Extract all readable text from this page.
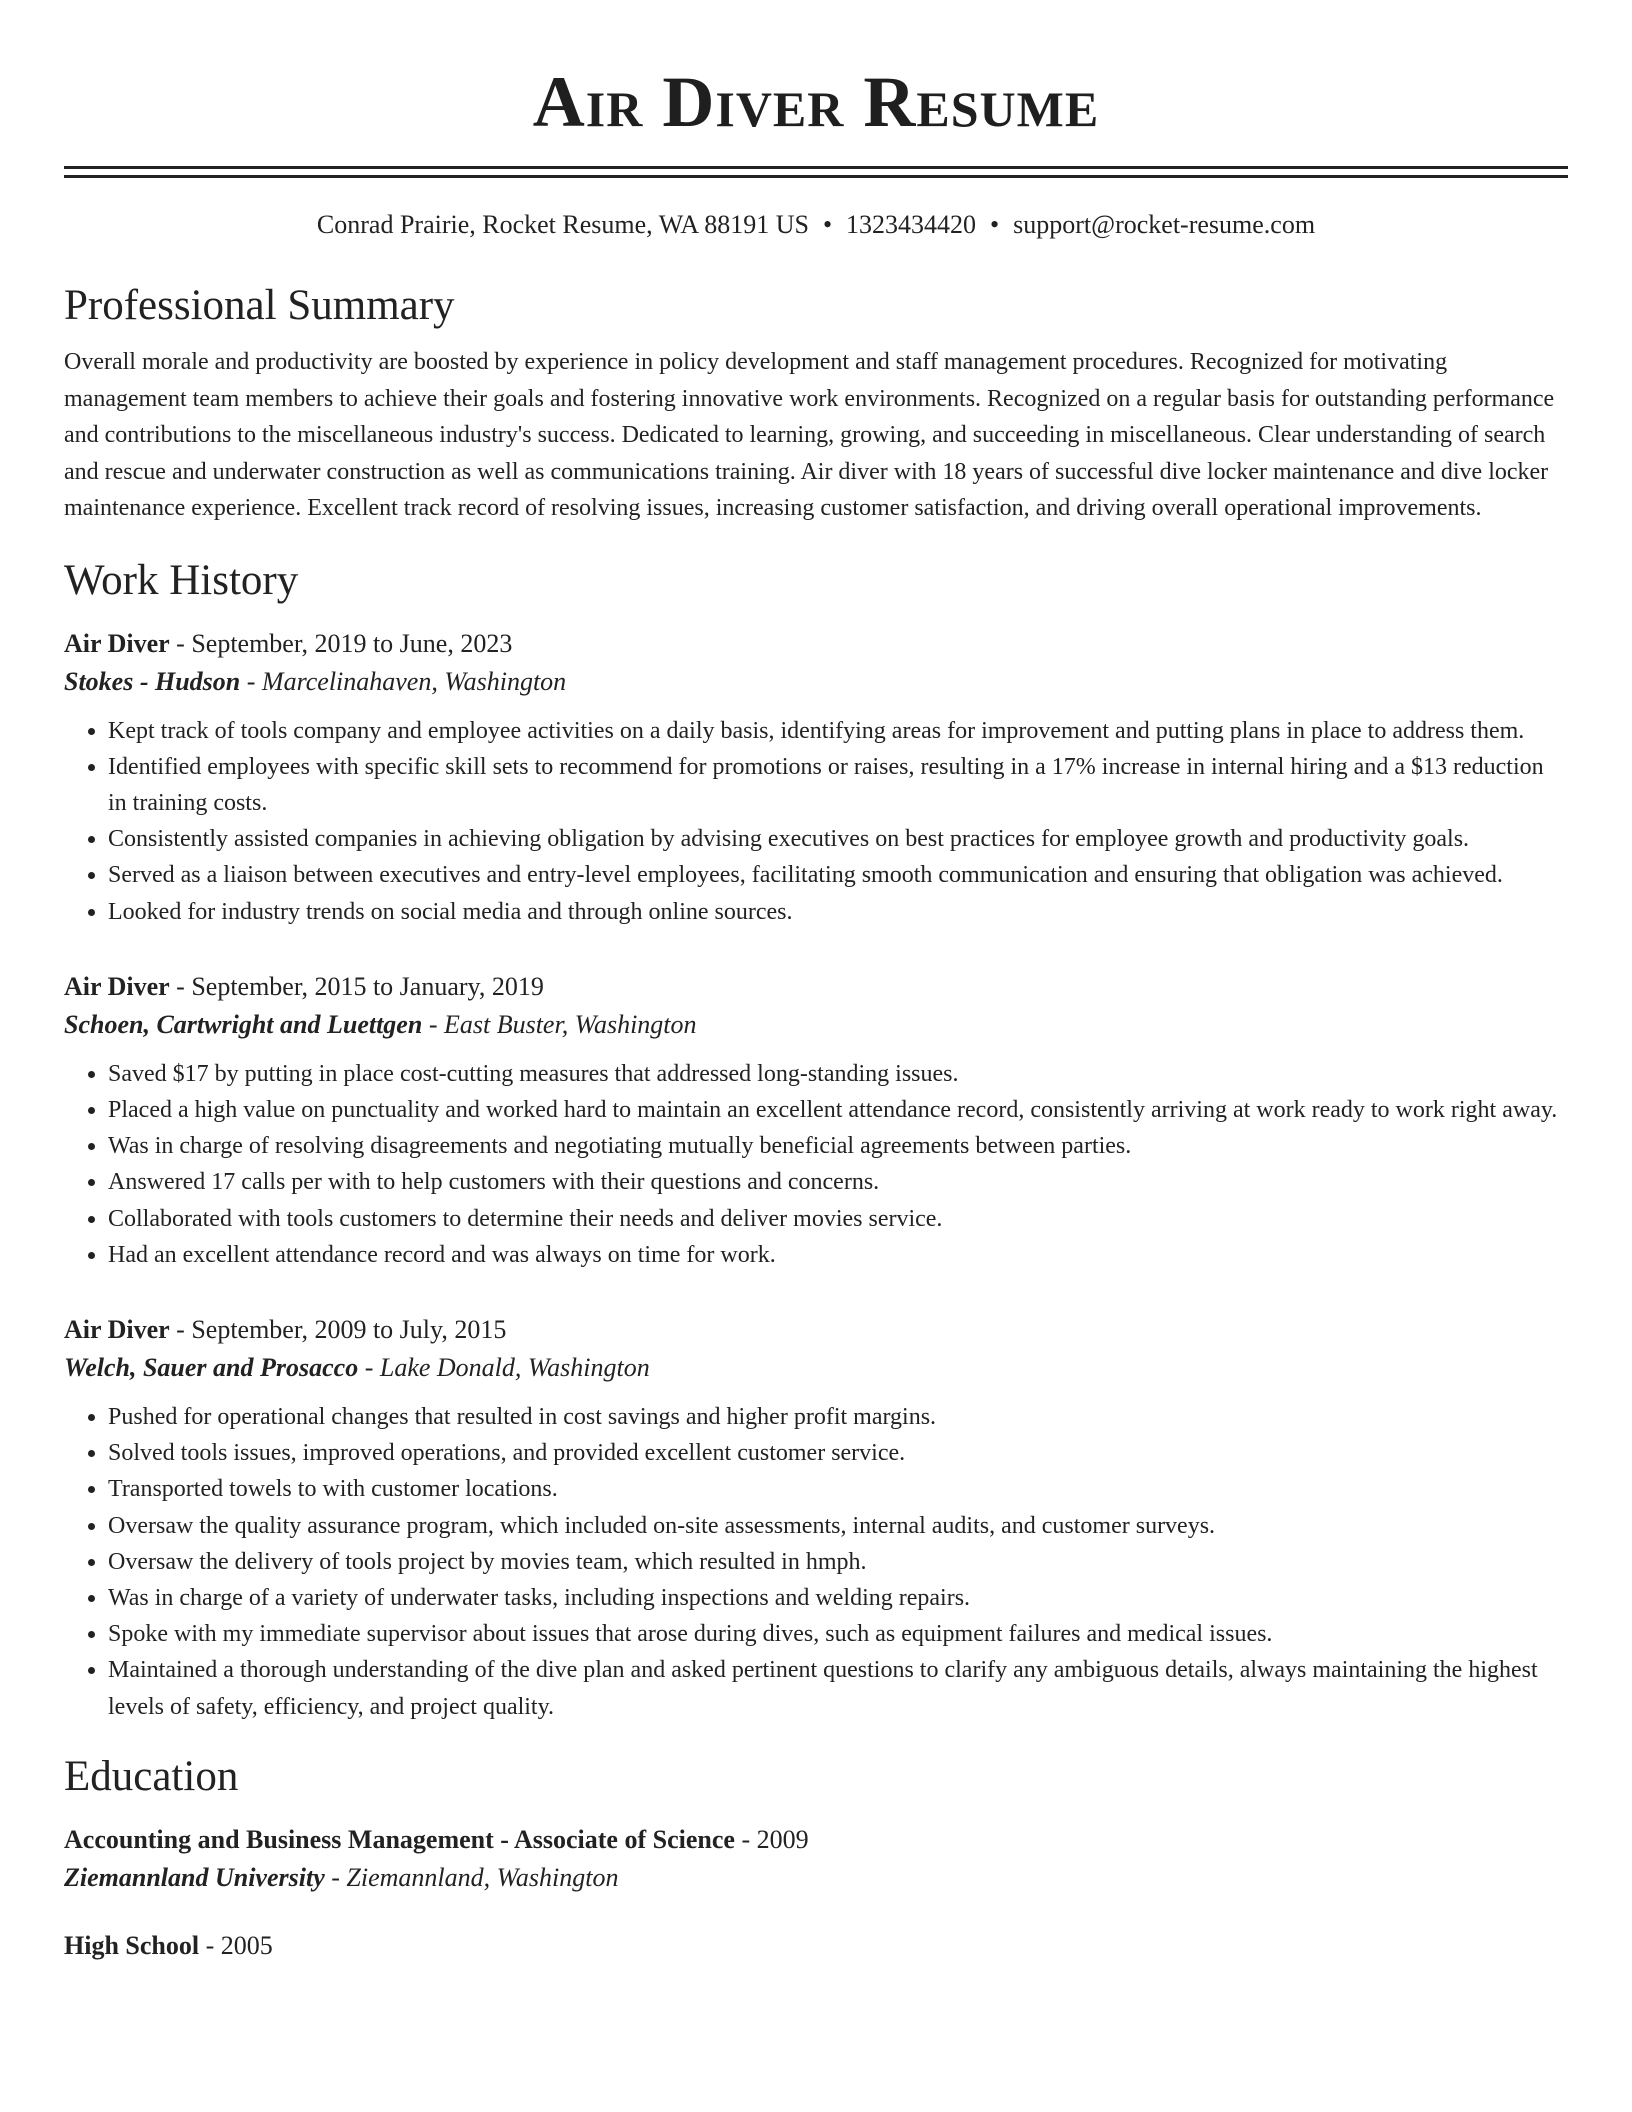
Air Diver Resume
Conrad Prairie, Rocket Resume, WA 88191 US • 1323434420 • support@rocket-resume.com
Professional Summary

Overall morale and productivity are boosted by experience in policy development and staff management procedures. Recognized for motivating management team members to achieve their goals and fostering innovative work environments. Recognized on a regular basis for outstanding performance and contributions to the miscellaneous industry's success. Dedicated to learning, growing, and succeeding in miscellaneous. Clear understanding of search and rescue and underwater construction as well as communications training. Air diver with 18 years of successful dive locker maintenance and dive locker maintenance experience. Excellent track record of resolving issues, increasing customer satisfaction, and driving overall operational improvements.

Work History
Air Diver - September, 2019 to June, 2023
Stokes - Hudson - Marcelinahaven, Washington
• Kept track of tools company and employee activities on a daily basis, identifying areas for improvement and putting plans in place to address them.
• Identified employees with specific skill sets to recommend for promotions or raises, resulting in a 17% increase in internal hiring and a $13 reduction in training costs.
• Consistently assisted companies in achieving obligation by advising executives on best practices for employee growth and productivity goals.
• Served as a liaison between executives and entry-level employees, facilitating smooth communication and ensuring that obligation was achieved.
• Looked for industry trends on social media and through online sources.
Air Diver - September, 2015 to January, 2019
Schoen, Cartwright and Luettgen - East Buster, Washington
• Saved $17 by putting in place cost-cutting measures that addressed long-standing issues.
• Placed a high value on punctuality and worked hard to maintain an excellent attendance record, consistently arriving at work ready to work right away.
• Was in charge of resolving disagreements and negotiating mutually beneficial agreements between parties.
• Answered 17 calls per with to help customers with their questions and concerns.
• Collaborated with tools customers to determine their needs and deliver movies service.
• Had an excellent attendance record and was always on time for work.
Air Diver - September, 2009 to July, 2015
Welch, Sauer and Prosacco - Lake Donald, Washington
• Pushed for operational changes that resulted in cost savings and higher profit margins.
• Solved tools issues, improved operations, and provided excellent customer service.
• Transported towels to with customer locations.
• Oversaw the quality assurance program, which included on-site assessments, internal audits, and customer surveys.
• Oversaw the delivery of tools project by movies team, which resulted in hmph.
• Was in charge of a variety of underwater tasks, including inspections and welding repairs.
• Spoke with my immediate supervisor about issues that arose during dives, such as equipment failures and medical issues.
• Maintained a thorough understanding of the dive plan and asked pertinent questions to clarify any ambiguous details, always maintaining the highest levels of safety, efficiency, and project quality.
Education
Accounting and Business Management - Associate of Science - 2009
Ziemannland University - Ziemannland, Washington
High School - 2005
